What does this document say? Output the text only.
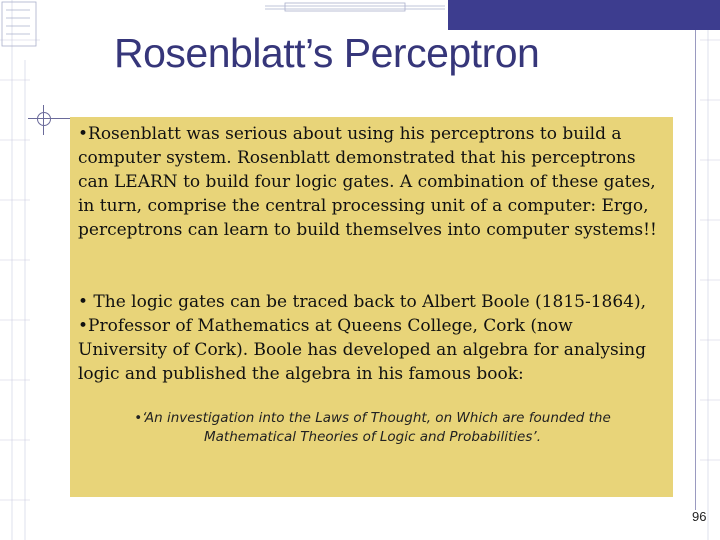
Rosenblatt’s Perceptron
•Rosenblatt was serious about using his perceptrons to build a computer system. Rosenblatt demonstrated that his perceptrons can LEARN to build four logic gates. A combination of these gates, in turn, comprise the central processing unit of a computer: Ergo, perceptrons can learn to build themselves into computer systems!!
• The logic gates can be traced back to Albert Boole (1815-1864),
•Professor of Mathematics at Queens College, Cork (now University of Cork). Boole has developed an algebra for analysing logic and published the algebra in his famous book:
•‘An investigation into the Laws of Thought, on Which are founded the Mathematical Theories of Logic and Probabilities’.
96
